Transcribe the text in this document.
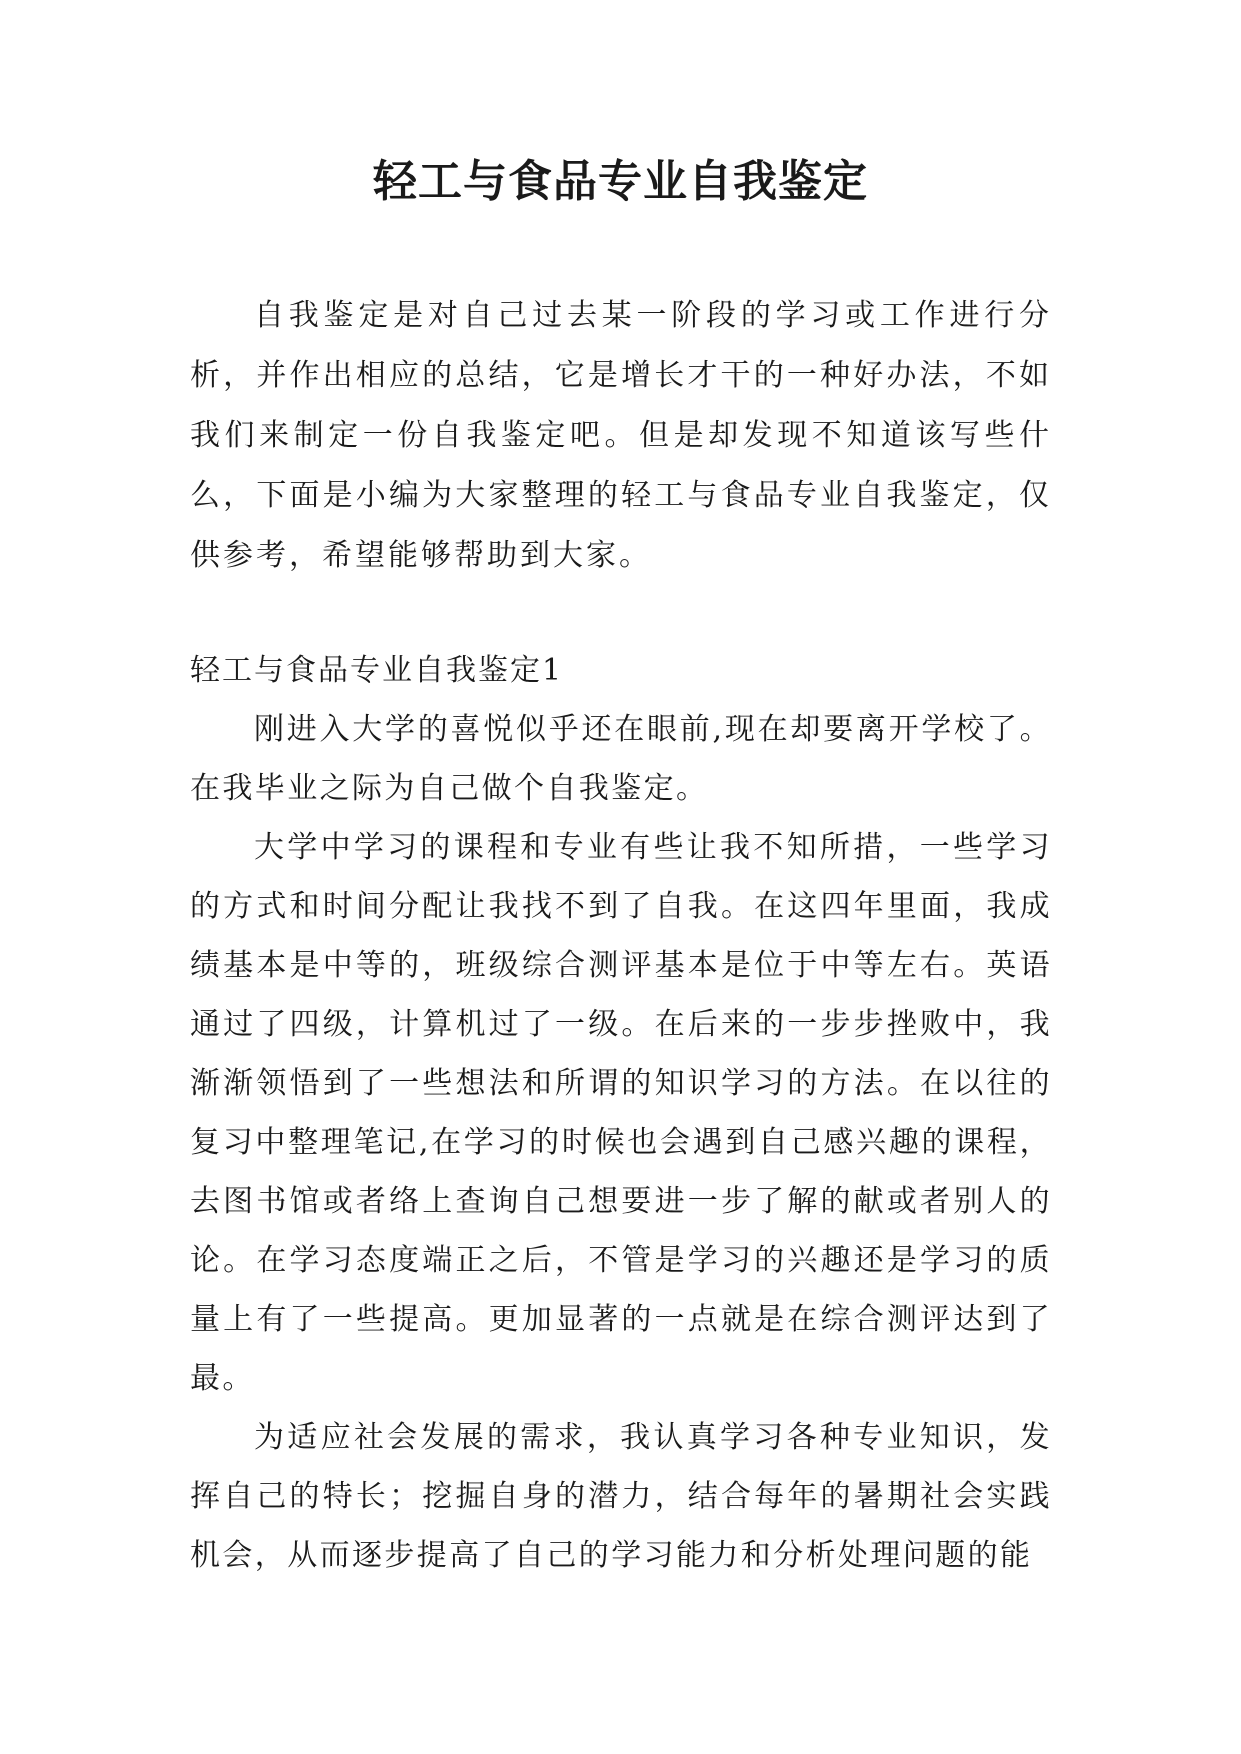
轻工与食品专业自我鉴定

自我鉴定是对自己过去某一阶段的学习或工作进行分析，并作出相应的总结，它是增长才干的一种好办法，不如我们来制定一份自我鉴定吧。但是却发现不知道该写些什么，下面是小编为大家整理的轻工与食品专业自我鉴定，仅供参考，希望能够帮助到大家。

轻工与食品专业自我鉴定1

刚进入大学的喜悦似乎还在眼前,现在却要离开学校了。在我毕业之际为自己做个自我鉴定。

大学中学习的课程和专业有些让我不知所措，一些学习的方式和时间分配让我找不到了自我。在这四年里面，我成绩基本是中等的，班级综合测评基本是位于中等左右。英语通过了四级，计算机过了一级。在后来的一步步挫败中，我渐渐领悟到了一些想法和所谓的知识学习的方法。在以往的复习中整理笔记,在学习的时候也会遇到自己感兴趣的课程，去图书馆或者络上查询自己想要进一步了解的献或者别人的论。在学习态度端正之后，不管是学习的兴趣还是学习的质量上有了一些提高。更加显著的一点就是在综合测评达到了最。

为适应社会发展的需求，我认真学习各种专业知识，发挥自己的特长；挖掘自身的潜力，结合每年的暑期社会实践机会，从而逐步提高了自己的学习能力和分析处理问题的能
